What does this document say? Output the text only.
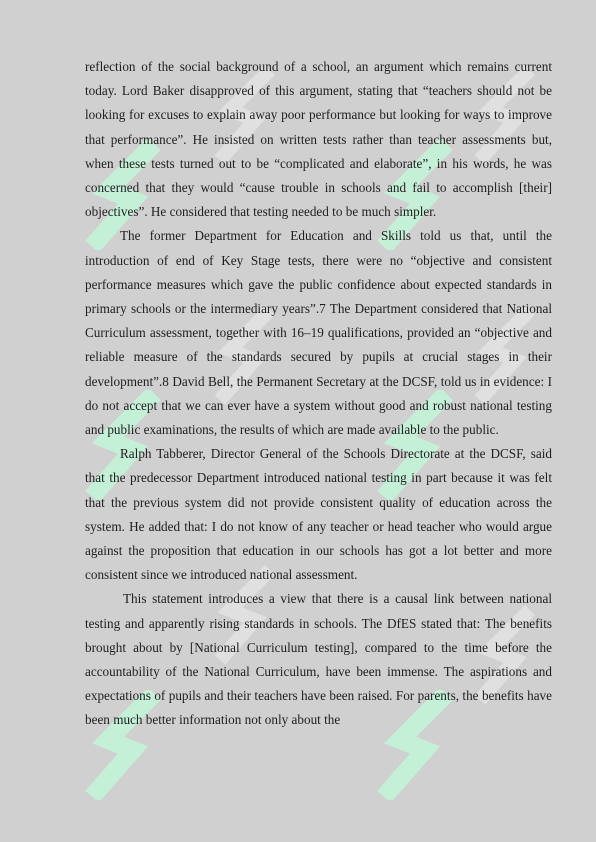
reflection of the social background of a school, an argument which remains current today. Lord Baker disapproved of this argument, stating that “teachers should not be looking for excuses to explain away poor performance but looking for ways to improve that performance”. He insisted on written tests rather than teacher assessments but, when these tests turned out to be “complicated and elaborate”, in his words, he was concerned that they would “cause trouble in schools and fail to accomplish [their] objectives”. He considered that testing needed to be much simpler.

The former Department for Education and Skills told us that, until the introduction of end of Key Stage tests, there were no “objective and consistent performance measures which gave the public confidence about expected standards in primary schools or the intermediary years”.7 The Department considered that National Curriculum assessment, together with 16–19 qualifications, provided an “objective and reliable measure of the standards secured by pupils at crucial stages in their development”.8 David Bell, the Permanent Secretary at the DCSF, told us in evidence: I do not accept that we can ever have a system without good and robust national testing and public examinations, the results of which are made available to the public.

Ralph Tabberer, Director General of the Schools Directorate at the DCSF, said that the predecessor Department introduced national testing in part because it was felt that the previous system did not provide consistent quality of education across the system. He added that: I do not know of any teacher or head teacher who would argue against the proposition that education in our schools has got a lot better and more consistent since we introduced national assessment.

This statement introduces a view that there is a causal link between national testing and apparently rising standards in schools. The DfES stated that: The benefits brought about by [National Curriculum testing], compared to the time before the accountability of the National Curriculum, have been immense. The aspirations and expectations of pupils and their teachers have been raised. For parents, the benefits have been much better information not only about the
